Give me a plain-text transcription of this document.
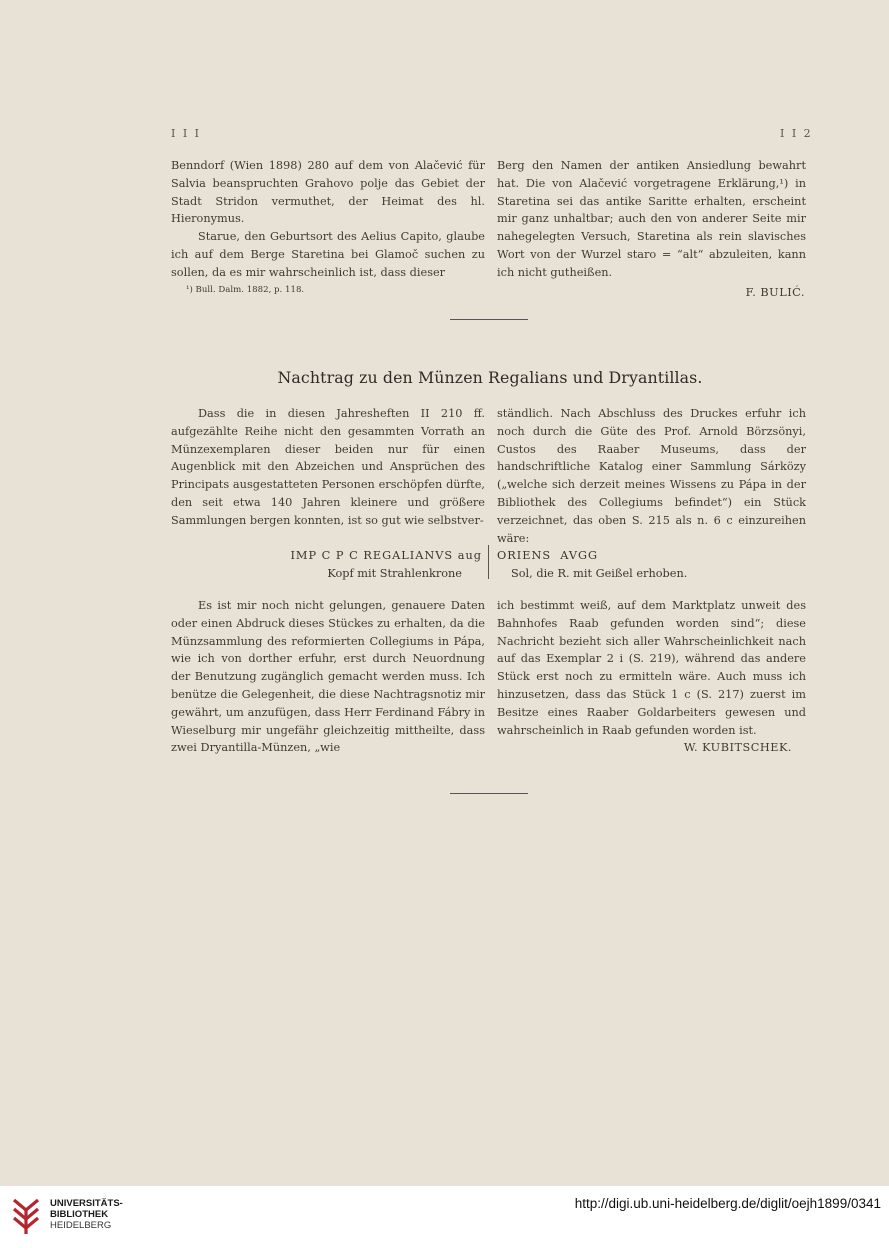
I I I	I I 2

Benndorf (Wien 1898) 280 auf dem von Alačević für Salvia beanspruchten Grahovo polje das Gebiet der Stadt Stridon vermuthet, der Heimat des hl. Hieronymus.

Starue, den Geburtsort des Aelius Capito, glaube ich auf dem Berge Staretina bei Glamoč suchen zu sollen, da es mir wahrscheinlich ist, dass dieser

¹) Bull. Dalm. 1882, p. 118.

Berg den Namen der antiken Ansiedlung bewahrt hat. Die von Alačević vorgetragene Erklärung,¹) in Staretina sei das antike Saritte erhalten, erscheint mir ganz unhaltbar; auch den von anderer Seite mir nahegelegten Versuch, Staretina als rein slavisches Wort von der Wurzel staro = “alt“ abzuleiten, kann ich nicht gutheißen.

F. BULIĆ.

Nachtrag zu den Münzen Regalians und Dryantillas.

Dass die in diesen Jahresheften II 210 ff. aufgezählte Reihe nicht den gesammten Vorrath an Münzexemplaren dieser beiden nur für einen Augenblick mit den Abzeichen und Ansprüchen des Principats ausgestatteten Personen erschöpfen dürfte, den seit etwa 140 Jahren kleinere und größere Sammlungen bergen konnten, ist so gut wie selbstver-

ständlich. Nach Abschluss des Druckes erfuhr ich noch durch die Güte des Prof. Arnold Börzsönyi, Custos des Raaber Museums, dass der handschriftliche Katalog einer Sammlung Sárközy („welche sich derzeit meines Wissens zu Pápa in der Bibliothek des Collegiums befindet“) ein Stück verzeichnet, das oben S. 215 als n. 6 c einzureihen wäre:

IMP C P C REGALIANVS aug
Kopf mit Strahlenkrone
ORIENS  AVGG
Sol, die R. mit Geißel erhoben.

Es ist mir noch nicht gelungen, genauere Daten oder einen Abdruck dieses Stückes zu erhalten, da die Münzsammlung des reformierten Collegiums in Pápa, wie ich von dorther erfuhr, erst durch Neuordnung der Benutzung zugänglich gemacht werden muss. Ich benütze die Gelegenheit, die diese Nachtragsnotiz mir gewährt, um anzufügen, dass Herr Ferdinand Fábry in Wieselburg mir ungefähr gleichzeitig mittheilte, dass zwei Dryantilla-Münzen, „wie

ich bestimmt weiß, auf dem Marktplatz unweit des Bahnhofes Raab gefunden worden sind“; diese Nachricht bezieht sich aller Wahrscheinlichkeit nach auf das Exemplar 2 i (S. 219), während das andere Stück erst noch zu ermitteln wäre. Auch muss ich hinzusetzen, dass das Stück 1 c (S. 217) zuerst im Besitze eines Raaber Goldarbeiters gewesen und wahrscheinlich in Raab gefunden worden ist.

W. KUBITSCHEK.

UNIVERSITÄTS-
BIBLIOTHEK
HEIDELBERG
http://digi.ub.uni-heidelberg.de/diglit/oejh1899/0341
